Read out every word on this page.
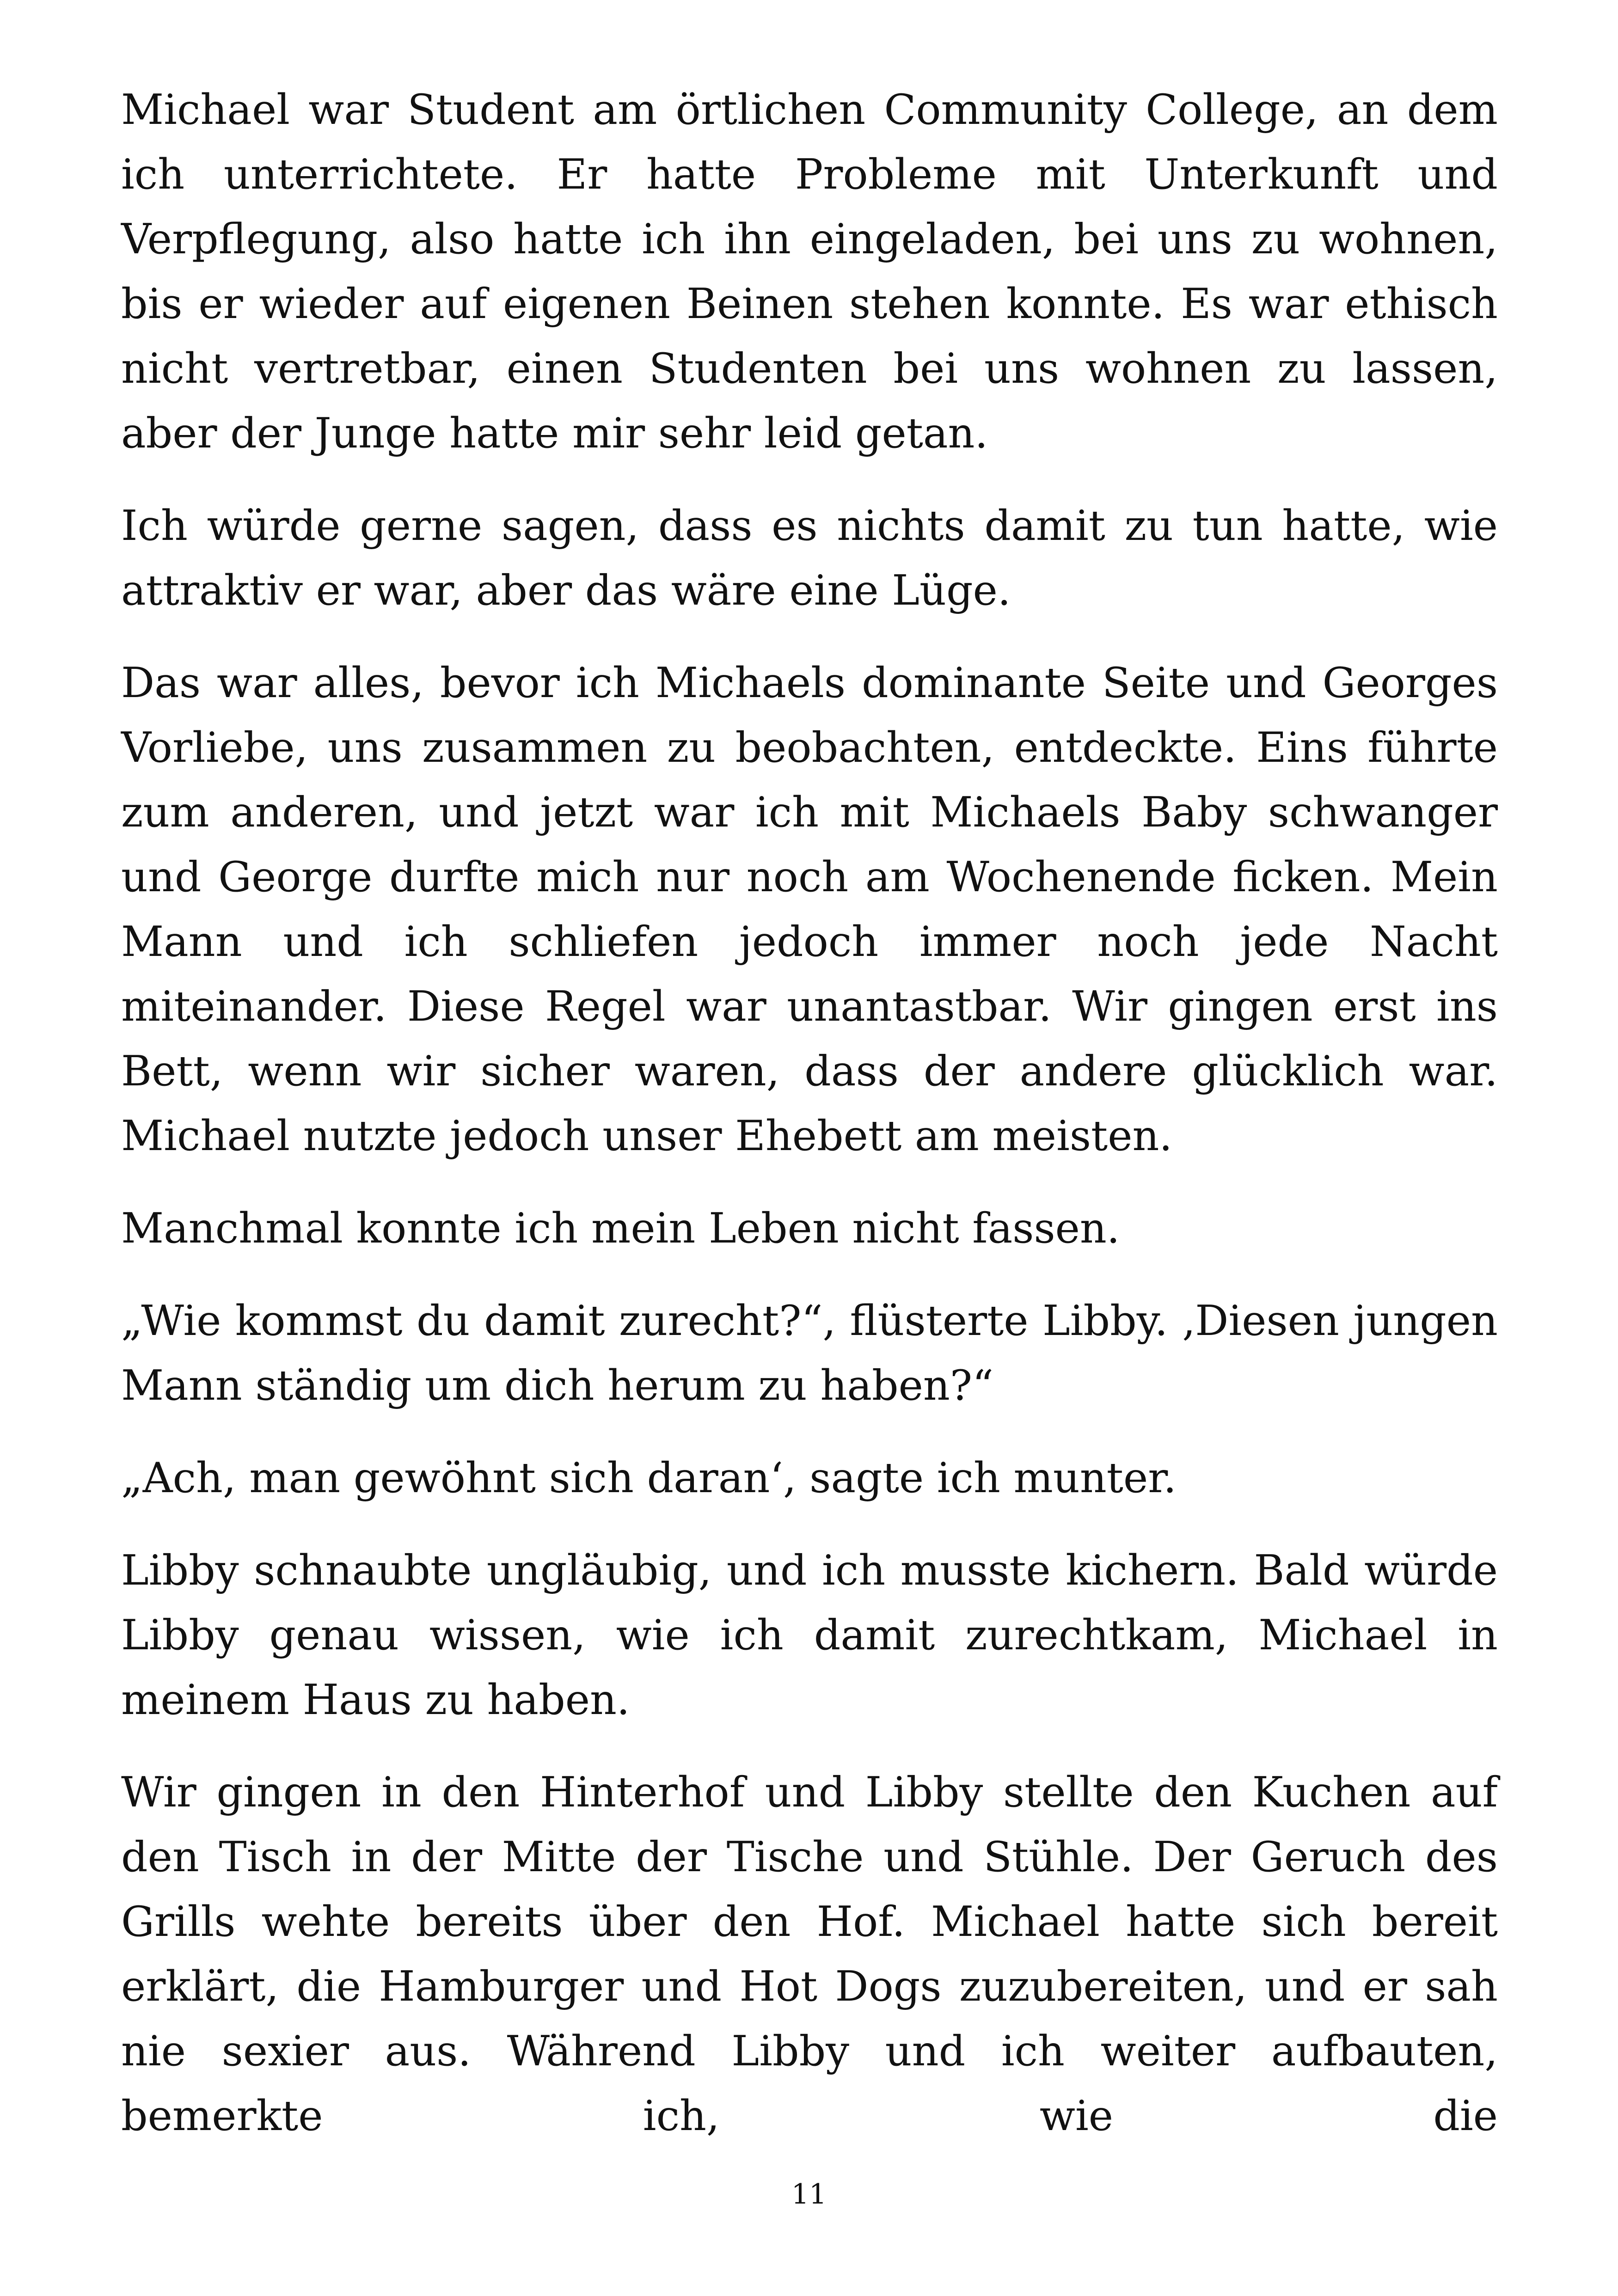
Michael war Student am örtlichen Community College, an dem ich unterrichtete. Er hatte Probleme mit Unterkunft und Verpflegung, also hatte ich ihn eingeladen, bei uns zu wohnen, bis er wieder auf eigenen Beinen stehen konnte. Es war ethisch nicht vertretbar, einen Studenten bei uns wohnen zu lassen, aber der Junge hatte mir sehr leid getan.

Ich würde gerne sagen, dass es nichts damit zu tun hatte, wie attraktiv er war, aber das wäre eine Lüge.

Das war alles, bevor ich Michaels dominante Seite und Georges Vorliebe, uns zusammen zu beobachten, entdeckte. Eins führte zum anderen, und jetzt war ich mit Michaels Baby schwanger und George durfte mich nur noch am Wochenende ficken. Mein Mann und ich schliefen jedoch immer noch jede Nacht miteinander. Diese Regel war unantastbar. Wir gingen erst ins Bett, wenn wir sicher waren, dass der andere glücklich war. Michael nutzte jedoch unser Ehebett am meisten.

Manchmal konnte ich mein Leben nicht fassen.

„Wie kommst du damit zurecht?“, flüsterte Libby. ‚Diesen jungen Mann ständig um dich herum zu haben?“

„Ach, man gewöhnt sich daran‘, sagte ich munter.

Libby schnaubte ungläubig, und ich musste kichern. Bald würde Libby genau wissen, wie ich damit zurechtkam, Michael in meinem Haus zu haben.

Wir gingen in den Hinterhof und Libby stellte den Kuchen auf den Tisch in der Mitte der Tische und Stühle. Der Geruch des Grills wehte bereits über den Hof. Michael hatte sich bereit erklärt, die Hamburger und Hot Dogs zuzubereiten, und er sah nie sexier aus. Während Libby und ich weiter aufbauten, bemerkte ich, wie die

11
